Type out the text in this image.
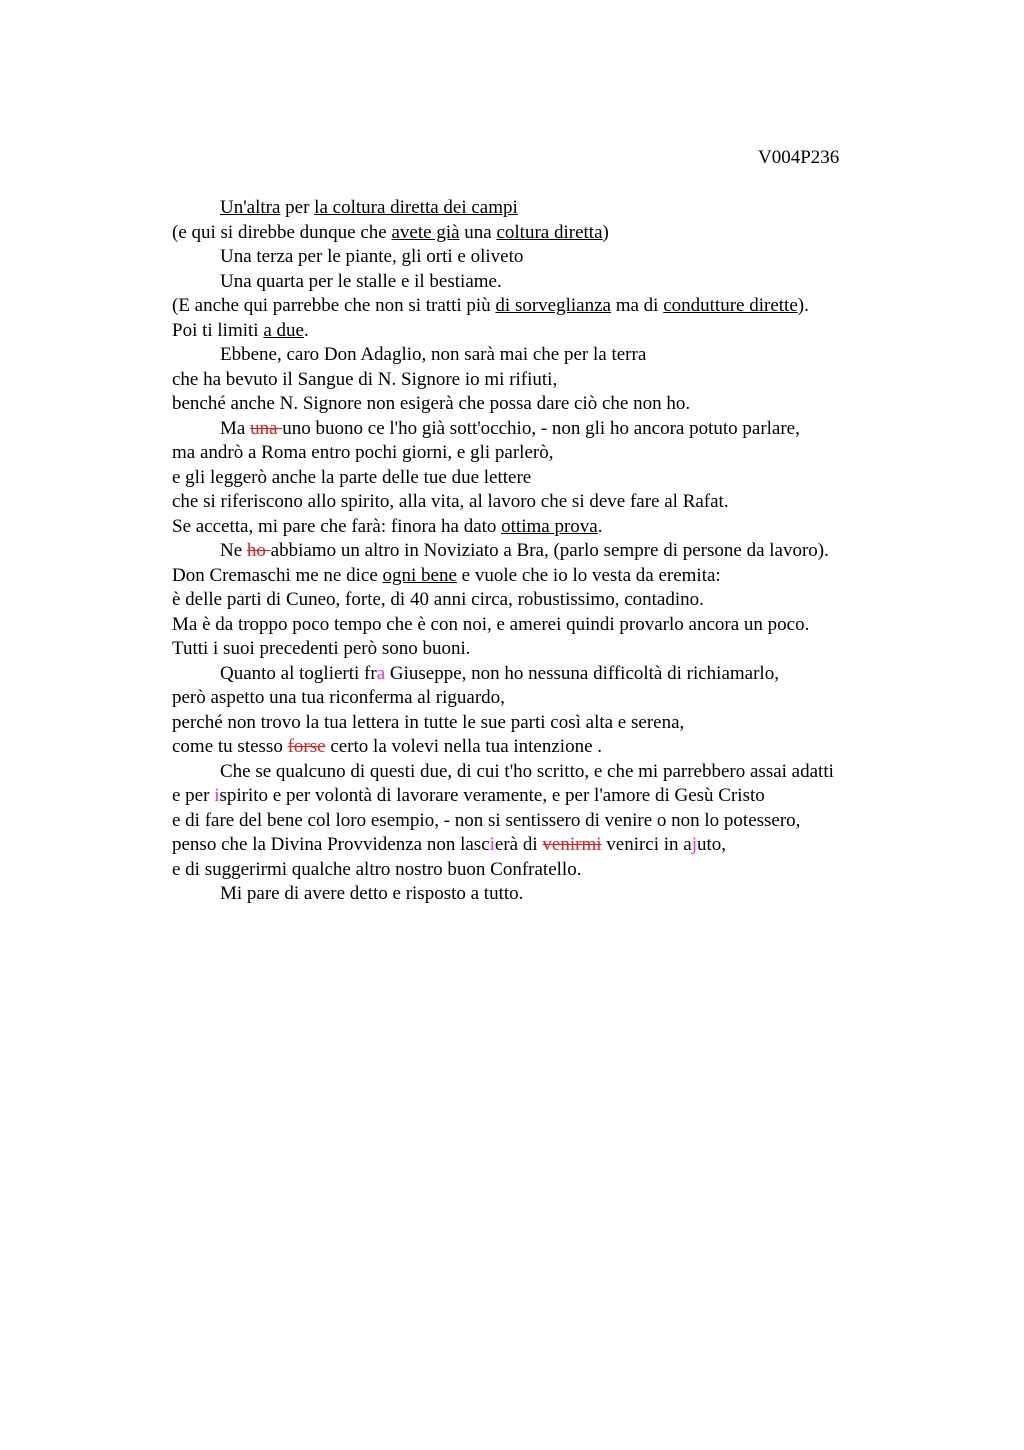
V004P236
Un'altra per la coltura diretta dei campi
(e qui si direbbe dunque che avete già una coltura diretta)
Una terza per le piante, gli orti e oliveto
Una quarta per le stalle e il bestiame.
(E anche qui parrebbe che non si tratti più di sorveglianza ma di condutture dirette).
Poi ti limiti a due.
Ebbene, caro Don Adaglio, non sarà mai che per la terra
che ha bevuto il Sangue di N. Signore io mi rifiuti,
benché anche N. Signore non esigerà che possa dare ciò che non ho.
Ma una uno buono ce l'ho già sott'occhio, - non gli ho ancora potuto parlare,
ma andrò a Roma entro pochi giorni, e gli parlerò,
e gli leggerò anche la parte delle tue due lettere
che si riferiscono allo spirito, alla vita, al lavoro che si deve fare al Rafat.
Se accetta, mi pare che farà: finora ha dato ottima prova.
Ne ho abbiamo un altro in Noviziato a Bra, (parlo sempre di persone da lavoro).
Don Cremaschi me ne dice ogni bene e vuole che io lo vesta da eremita:
è delle parti di Cuneo, forte, di 40 anni circa, robustissimo, contadino.
Ma è da troppo poco tempo che è con noi, e amerei quindi provarlo ancora un poco.
Tutti i suoi precedenti però sono buoni.
Quanto al toglierti fra Giuseppe, non ho nessuna difficoltà di richiamarlo,
però aspetto una tua riconferma al riguardo,
perché non trovo la tua lettera in tutte le sue parti così alta e serena,
come tu stesso forse certo la volevi nella tua intenzione .
Che se qualcuno di questi due, di cui t'ho scritto, e che mi parrebbero assai adatti
e per ispirito e per volontà di lavorare veramente, e per l'amore di Gesù Cristo
e di fare del bene col loro esempio, - non si sentissero di venire o non lo potessero,
penso che la Divina Provvidenza non lascierà di venirmi venirci in ajuto,
e di suggerirmi qualche altro nostro buon Confratello.
Mi pare di avere detto e risposto a tutto.
